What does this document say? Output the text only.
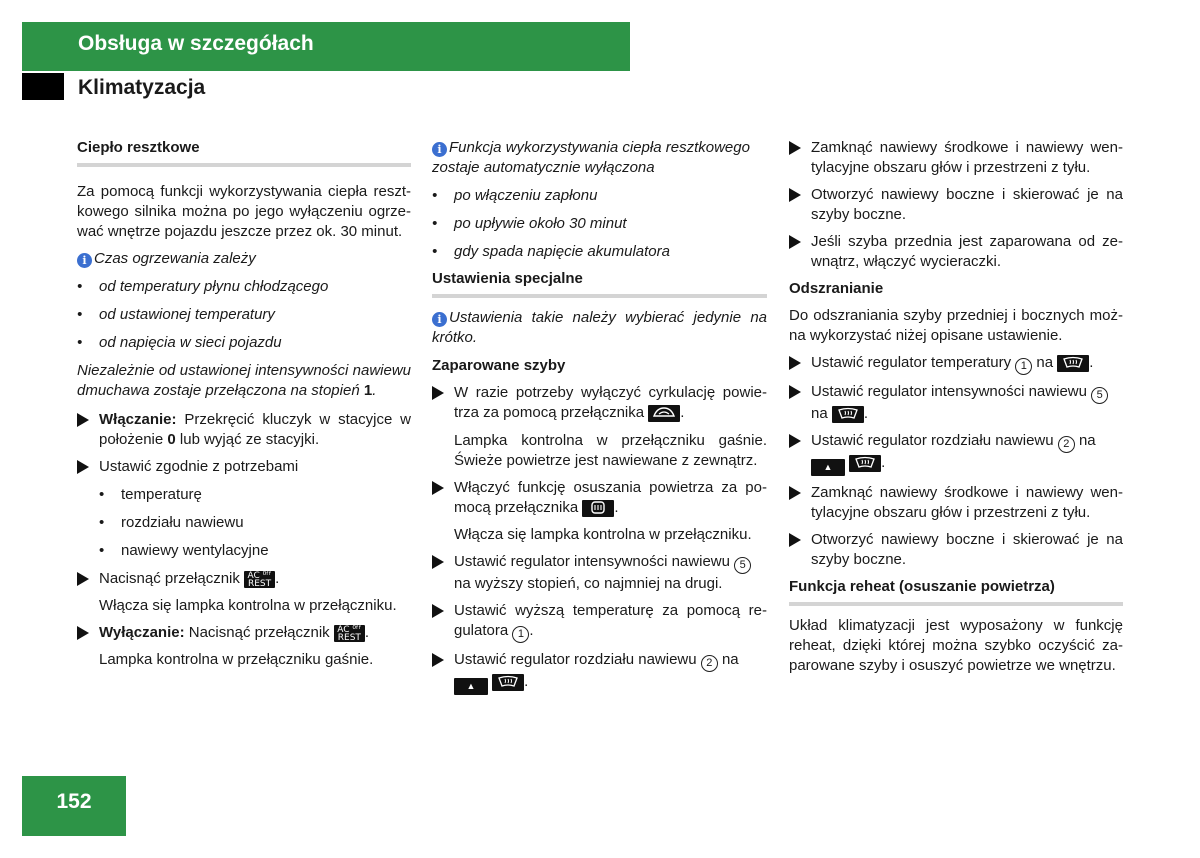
Obsługa w szczegółach
Klimatyzacja
Ciepło resztkowe

Za pomocą funkcji wykorzystywania ciepła resztkowego silnika można po jego wyłączeniu ogrzewać wnętrze pojazdu jeszcze przez ok. 30 minut.

i Czas ogrzewania zależy

•	od temperatury płynu chłodzącego
•	od ustawionej temperatury
•	od napięcia w sieci pojazdu

Niezależnie od ustawionej intensywności nawiewu dmuchawa zostaje przełączona na stopień 1.

Włączanie: Przekręcić kluczyk w stacyjce w położenie 0 lub wyjąć ze stacyjki.

Ustawić zgodnie z potrzebami

•	temperaturę
•	rozdziału nawiewu
•	nawiewy wentylacyjne

Nacisnąć przełącznik AC ⁰ᶠᶠ
REST .

Włącza się lampka kontrolna w przełączniku.

Wyłączanie: Nacisnąć przełącznik AC ⁰ᶠᶠ
REST .

Lampka kontrolna w przełączniku gaśnie.

i Funkcja wykorzystywania ciepła resztkowego zostaje automatycznie wyłączona

•	po włączeniu zapłonu
•	po upływie około 30 minut
•	gdy spada napięcie akumulatora
Ustawienia specjalne

i Ustawienia takie należy wybierać jedynie na krótko.

Zaparowane szyby

W razie potrzeby wyłączyć cyrkulację powietrza za pomocą przełącznika .

Lampka kontrolna w przełączniku gaśnie. Świeże powietrze jest nawiewane z zewnątrz.

Włączyć funkcję osuszania powietrza za pomocą przełącznika .

Włącza się lampka kontrolna w przełączniku.

Ustawić regulator intensywności nawiewu 5 na wyższy stopień, co najmniej na drugi.

Ustawić wyższą temperaturę za pomocą regulatora 1 .

Ustawić regulator rozdziału nawiewu 2 na
▲	.

Zamknąć nawiewy środkowe i nawiewy wentylacyjne obszaru głów i przestrzeni z tyłu.

Otworzyć nawiewy boczne i skierować je na szyby boczne.

Jeśli szyba przednia jest zaparowana od zewnątrz, włączyć wycieraczki.

Odszranianie

Do odszraniania szyby przedniej i bocznych można wykorzystać niżej opisane ustawienie.

Ustawić regulator temperatury 1 na .

Ustawić regulator intensywności nawiewu 5
na .

Ustawić regulator rozdziału nawiewu 2 na
▲	.

Zamknąć nawiewy środkowe i nawiewy wentylacyjne obszaru głów i przestrzeni z tyłu.

Otworzyć nawiewy boczne i skierować je na szyby boczne.

Funkcja reheat (osuszanie powietrza)

Układ klimatyzacji jest wyposażony w funkcję reheat, dzięki której można szybko oczyścić zaparowane szyby i osuszyć powietrze we wnętrzu.

152
